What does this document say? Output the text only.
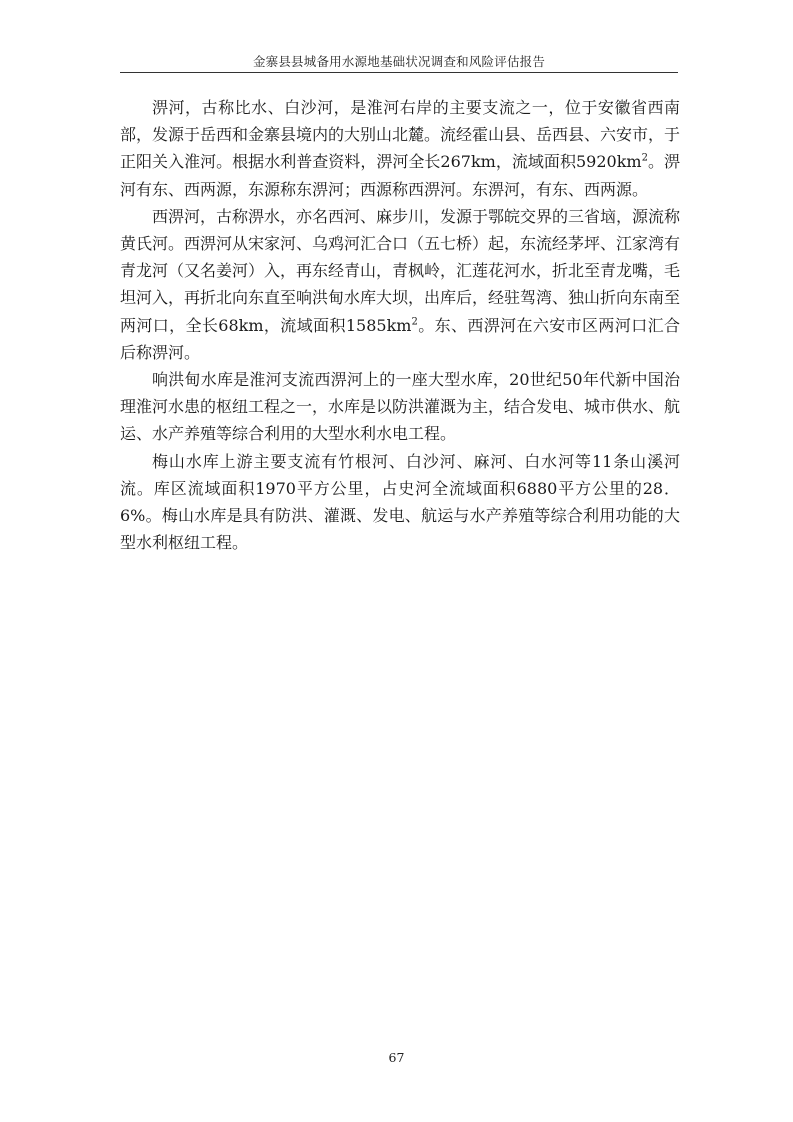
金寨县县城备用水源地基础状况调查和风险评估报告

淠河，古称比水、白沙河，是淮河右岸的主要支流之一，位于安徽省西南部，发源于岳西和金寨县境内的大别山北麓。流经霍山县、岳西县、六安市，于正阳关入淮河。根据水利普查资料，淠河全长267km，流域面积$5920km^2$。淠河有东、西两源，东源称东淠河；西源称西淠河。东淠河，有东、西两源。

西淠河，古称淠水，亦名西河、麻步川，发源于鄂皖交界的三省垴，源流称黄氏河。西淠河从宋家河、乌鸡河汇合口（五七桥）起，东流经茅坪、江家湾有青龙河（又名姜河）入，再东经青山，青枫岭，汇莲花河水，折北至青龙嘴，毛坦河入，再折北向东直至响洪甸水库大坝，出库后，经驻驾湾、独山折向东南至两河口，全长68km，流域面积$1585km^2$。东、西淠河在六安市区两河口汇合后称淠河。

响洪甸水库是淮河支流西淠河上的一座大型水库，20世纪50年代新中国治理淮河水患的枢纽工程之一，水库是以防洪灌溉为主，结合发电、城市供水、航运、水产养殖等综合利用的大型水利水电工程。

梅山水库上游主要支流有竹根河、白沙河、麻河、白水河等11条山溪河流。库区流域面积1970平方公里，占史河全流域面积6880平方公里的28．6%。梅山水库是具有防洪、灌溉、发电、航运与水产养殖等综合利用功能的大型水利枢纽工程。

67
